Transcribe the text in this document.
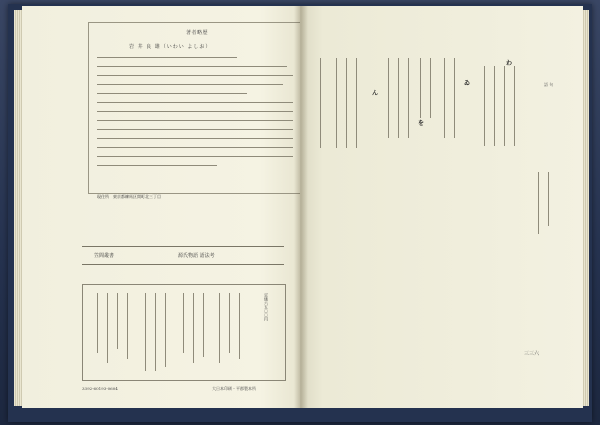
著者略歴
岩 井 良 雄（いわい よしお）
現住所　東京都練馬区関町北三丁目
笠間叢書	源氏物語 語法考
定価六五〇〇円
3392-60193-0604	大日本印刷・平郡製本所
わ
ゐ
を
ん
語 句
三三六
